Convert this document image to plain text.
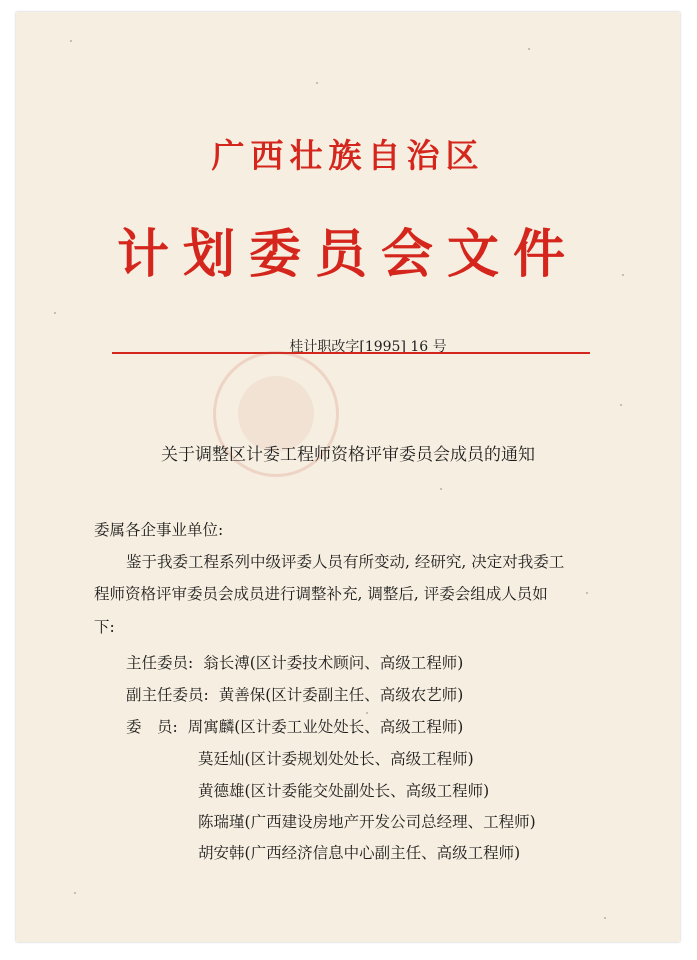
广西壮族自治区
计划委员会文件
桂计职改字[1995] 16 号
关于调整区计委工程师资格评审委员会成员的通知
委属各企事业单位:
鉴于我委工程系列中级评委人员有所变动, 经研究, 决定对我委工
程师资格评审委员会成员进行调整补充, 调整后, 评委会组成人员如
下:
主任委员: 翁长溥(区计委技术顾问、高级工程师)
副主任委员: 黄善保(区计委副主任、高级农艺师)
委　员: 周寓麟(区计委工业处处长、高级工程师)
莫廷灿(区计委规划处处长、高级工程师)
黄德雄(区计委能交处副处长、高级工程师)
陈瑞瑾(广西建设房地产开发公司总经理、工程师)
胡安韩(广西经济信息中心副主任、高级工程师)
